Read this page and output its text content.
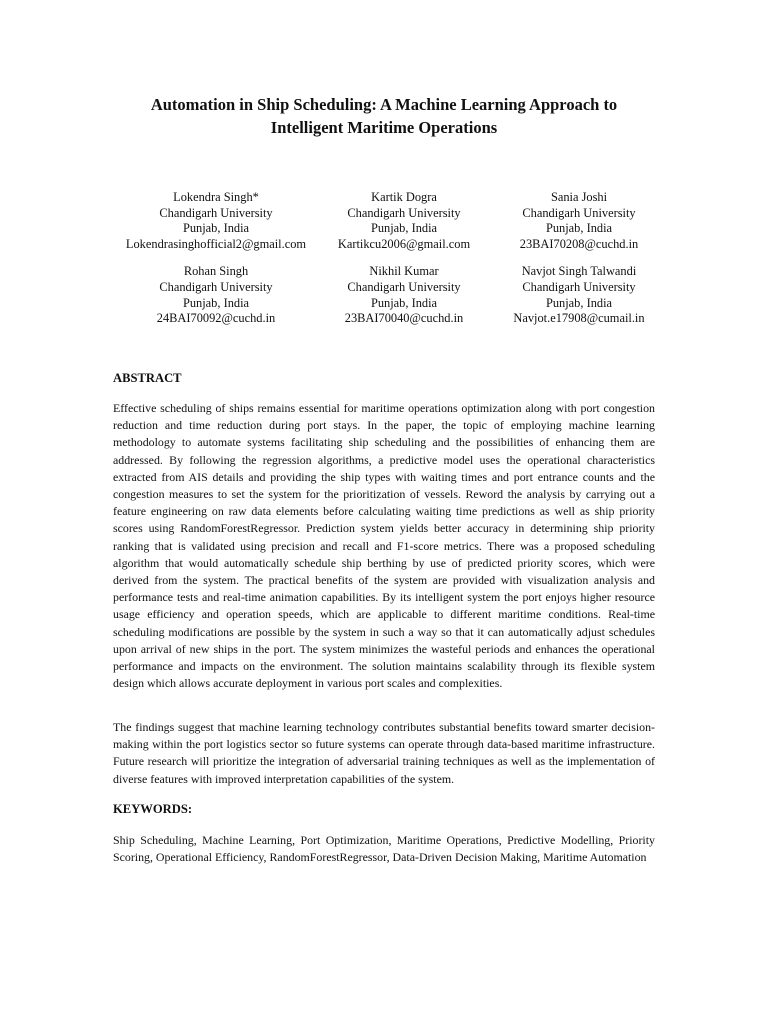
Automation in Ship Scheduling: A Machine Learning Approach to
Intelligent Maritime Operations
Lokendra Singh*
Chandigarh University
Punjab, India
Lokendrasinghofficial2@gmail.com
Kartik Dogra
Chandigarh University
Punjab, India
Kartikcu2006@gmail.com
Sania Joshi
Chandigarh University
Punjab, India
23BAI70208@cuchd.in
Rohan Singh
Chandigarh University
Punjab, India
24BAI70092@cuchd.in
Nikhil Kumar
Chandigarh University
Punjab, India
23BAI70040@cuchd.in
Navjot Singh Talwandi
Chandigarh University
Punjab, India
Navjot.e17908@cumail.in
ABSTRACT

Effective scheduling of ships remains essential for maritime operations optimization along with port congestion reduction and time reduction during port stays. In the paper, the topic of employing machine learning methodology to automate systems facilitating ship scheduling and the possibilities of enhancing them are addressed. By following the regression algorithms, a predictive model uses the operational characteristics extracted from AIS details and providing the ship types with waiting times and port entrance counts and the congestion measures to set the system for the prioritization of vessels. Reword the analysis by carrying out a feature engineering on raw data elements before calculating waiting time predictions as well as ship priority scores using RandomForestRegressor. Prediction system yields better accuracy in determining ship priority ranking that is validated using precision and recall and F1-score metrics. There was a proposed scheduling algorithm that would automatically schedule ship berthing by use of predicted priority scores, which were derived from the system. The practical benefits of the system are provided with visualization analysis and performance tests and real-time animation capabilities. By its intelligent system the port enjoys higher resource usage efficiency and operation speeds, which are applicable to different maritime conditions. Real-time scheduling modifications are possible by the system in such a way so that it can automatically adjust schedules upon arrival of new ships in the port. The system minimizes the wasteful periods and enhances the operational performance and impacts on the environment. The solution maintains scalability through its flexible system design which allows accurate deployment in various port scales and complexities.

The findings suggest that machine learning technology contributes substantial benefits toward smarter decision-making within the port logistics sector so future systems can operate through data-based maritime infrastructure. Future research will prioritize the integration of adversarial training techniques as well as the implementation of diverse features with improved interpretation capabilities of the system.

KEYWORDS:

Ship Scheduling, Machine Learning, Port Optimization, Maritime Operations, Predictive Modelling, Priority Scoring, Operational Efficiency, RandomForestRegressor, Data-Driven Decision Making, Maritime Automation
